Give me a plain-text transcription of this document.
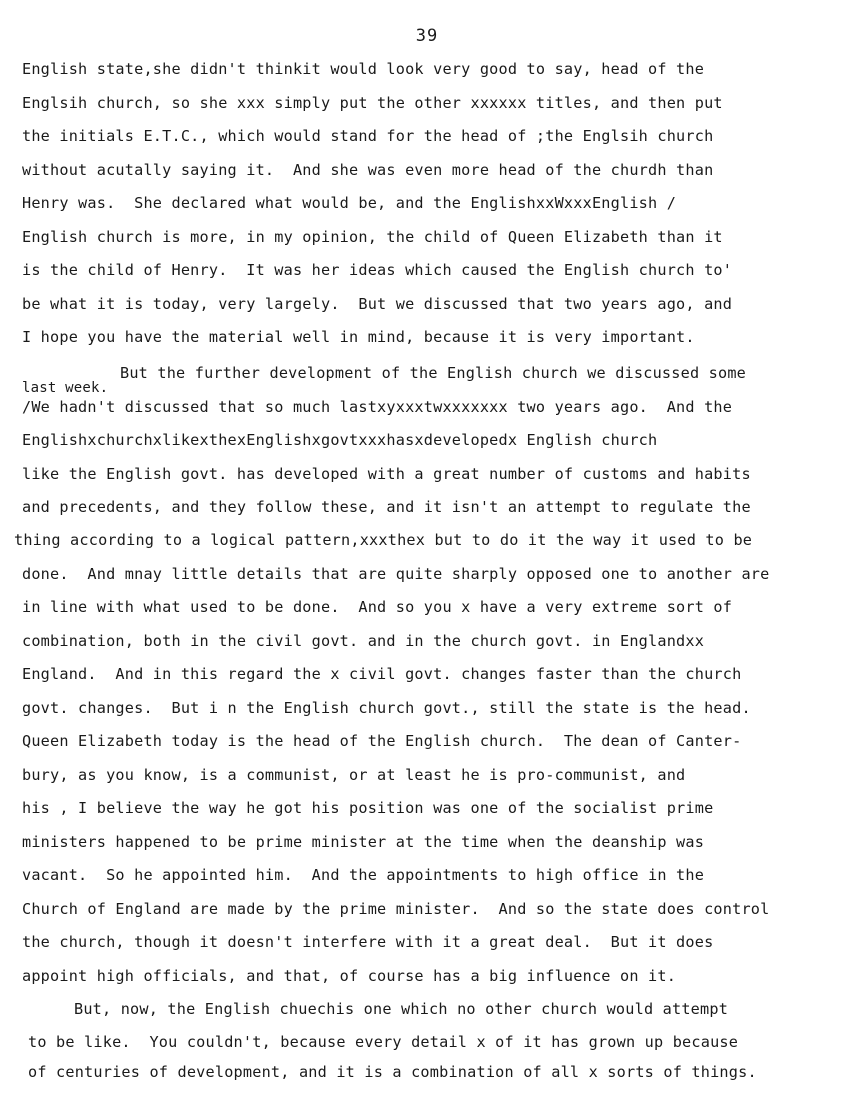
39
English state,she didn't thinkit would look very good to say, head of the
Englsih church, so she xxx simply put the other xxxxxx titles, and then put
the initials E.T.C., which would stand for the head of ;the Englsih church
without acutally saying it.  And she was even more head of the churdh than
Henry was.  She declared what would be, and the EnglishxxWxxxEnglish /
English church is more, in my opinion, the child of Queen Elizabeth than it
is the child of Henry.  It was her ideas which caused the English church to'
be what it is today, very largely.  But we discussed that two years ago, and
I hope you have the material well in mind, because it is very important.
But the further development of the English church we discussed some
last week.
/We hadn't discussed that so much lastxyxxxtwxxxxxxx two years ago.  And the
EnglishxchurchxlikexthexEnglishxgovtxxxhasxdevelopedx English church
like the English govt. has developed with a great number of customs and habits
and precedents, and they follow these, and it isn't an attempt to regulate the
thing according to a logical pattern,xxxthex but to do it the way it used to be
done.  And mnay little details that are quite sharply opposed one to another are
in line with what used to be done.  And so you x have a very extreme sort of
combination, both in the civil govt. and in the church govt. in Englandxx
England.  And in this regard the x civil govt. changes faster than the church
govt. changes.  But i n the English church govt., still the state is the head.
Queen Elizabeth today is the head of the English church.  The dean of Canter-
bury, as you know, is a communist, or at least he is pro-communist, and
his , I believe the way he got his position was one of the socialist prime
ministers happened to be prime minister at the time when the deanship was
vacant.  So he appointed him.  And the appointments to high office in the
Church of England are made by the prime minister.  And so the state does control
the church, though it doesn't interfere with it a great deal.  But it does
appoint high officials, and that, of course has a big influence on it.
But, now, the English chuechis one which no other church would attempt
to be like.  You couldn't, because every detail x of it has grown up because
of centuries of development, and it is a combination of all x sorts of things.
